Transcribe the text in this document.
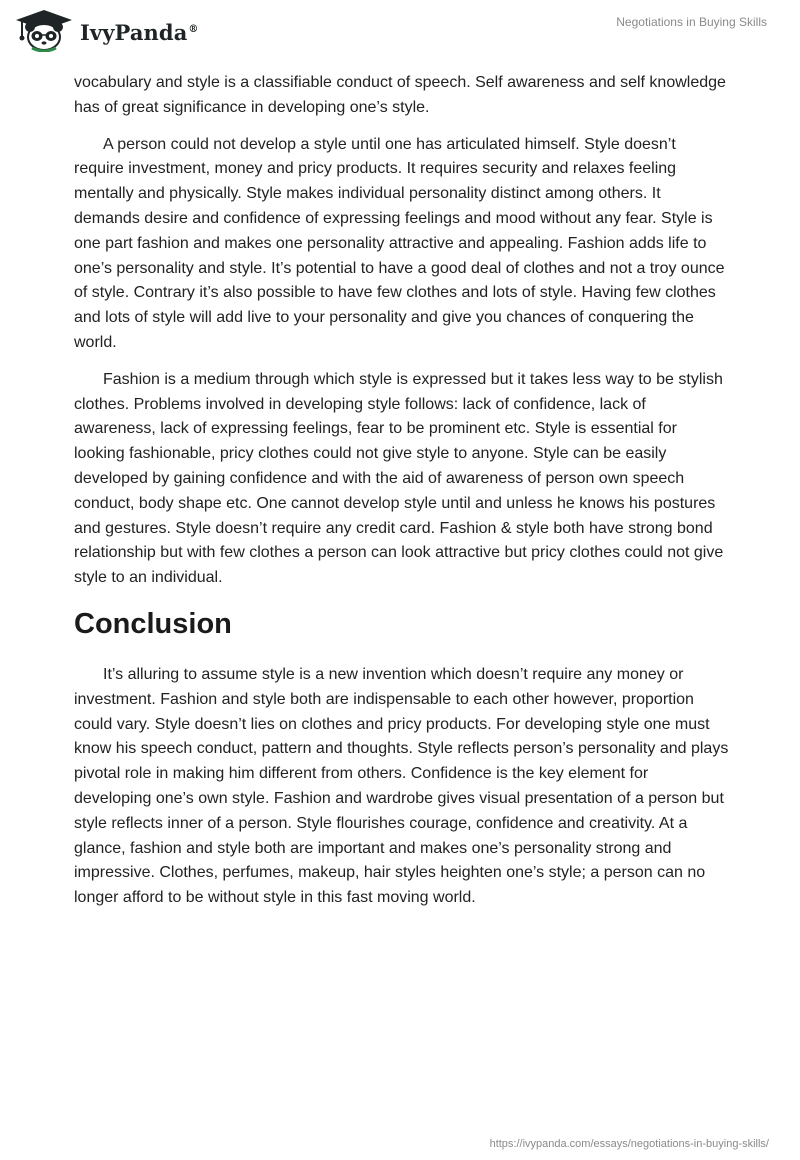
IvyPanda®	Negotiations in Buying Skills

vocabulary and style is a classifiable conduct of speech. Self awareness and self knowledge has of great significance in developing one’s style.

A person could not develop a style until one has articulated himself. Style doesn’t require investment, money and pricy products. It requires security and relaxes feeling mentally and physically. Style makes individual personality distinct among others. It demands desire and confidence of expressing feelings and mood without any fear. Style is one part fashion and makes one personality attractive and appealing. Fashion adds life to one’s personality and style. It’s potential to have a good deal of clothes and not a troy ounce of style. Contrary it’s also possible to have few clothes and lots of style. Having few clothes and lots of style will add live to your personality and give you chances of conquering the world.

Fashion is a medium through which style is expressed but it takes less way to be stylish clothes. Problems involved in developing style follows: lack of confidence, lack of awareness, lack of expressing feelings, fear to be prominent etc. Style is essential for looking fashionable, pricy clothes could not give style to anyone. Style can be easily developed by gaining confidence and with the aid of awareness of person own speech conduct, body shape etc. One cannot develop style until and unless he knows his postures and gestures. Style doesn’t require any credit card. Fashion & style both have strong bond relationship but with few clothes a person can look attractive but pricy clothes could not give style to an individual.

Conclusion

It’s alluring to assume style is a new invention which doesn’t require any money or investment. Fashion and style both are indispensable to each other however, proportion could vary. Style doesn’t lies on clothes and pricy products. For developing style one must know his speech conduct, pattern and thoughts. Style reflects person’s personality and plays pivotal role in making him different from others. Confidence is the key element for developing one’s own style. Fashion and wardrobe gives visual presentation of a person but style reflects inner of a person. Style flourishes courage, confidence and creativity. At a glance, fashion and style both are important and makes one’s personality strong and impressive. Clothes, perfumes, makeup, hair styles heighten one’s style; a person can no longer afford to be without style in this fast moving world.

https://ivypanda.com/essays/negotiations-in-buying-skills/
